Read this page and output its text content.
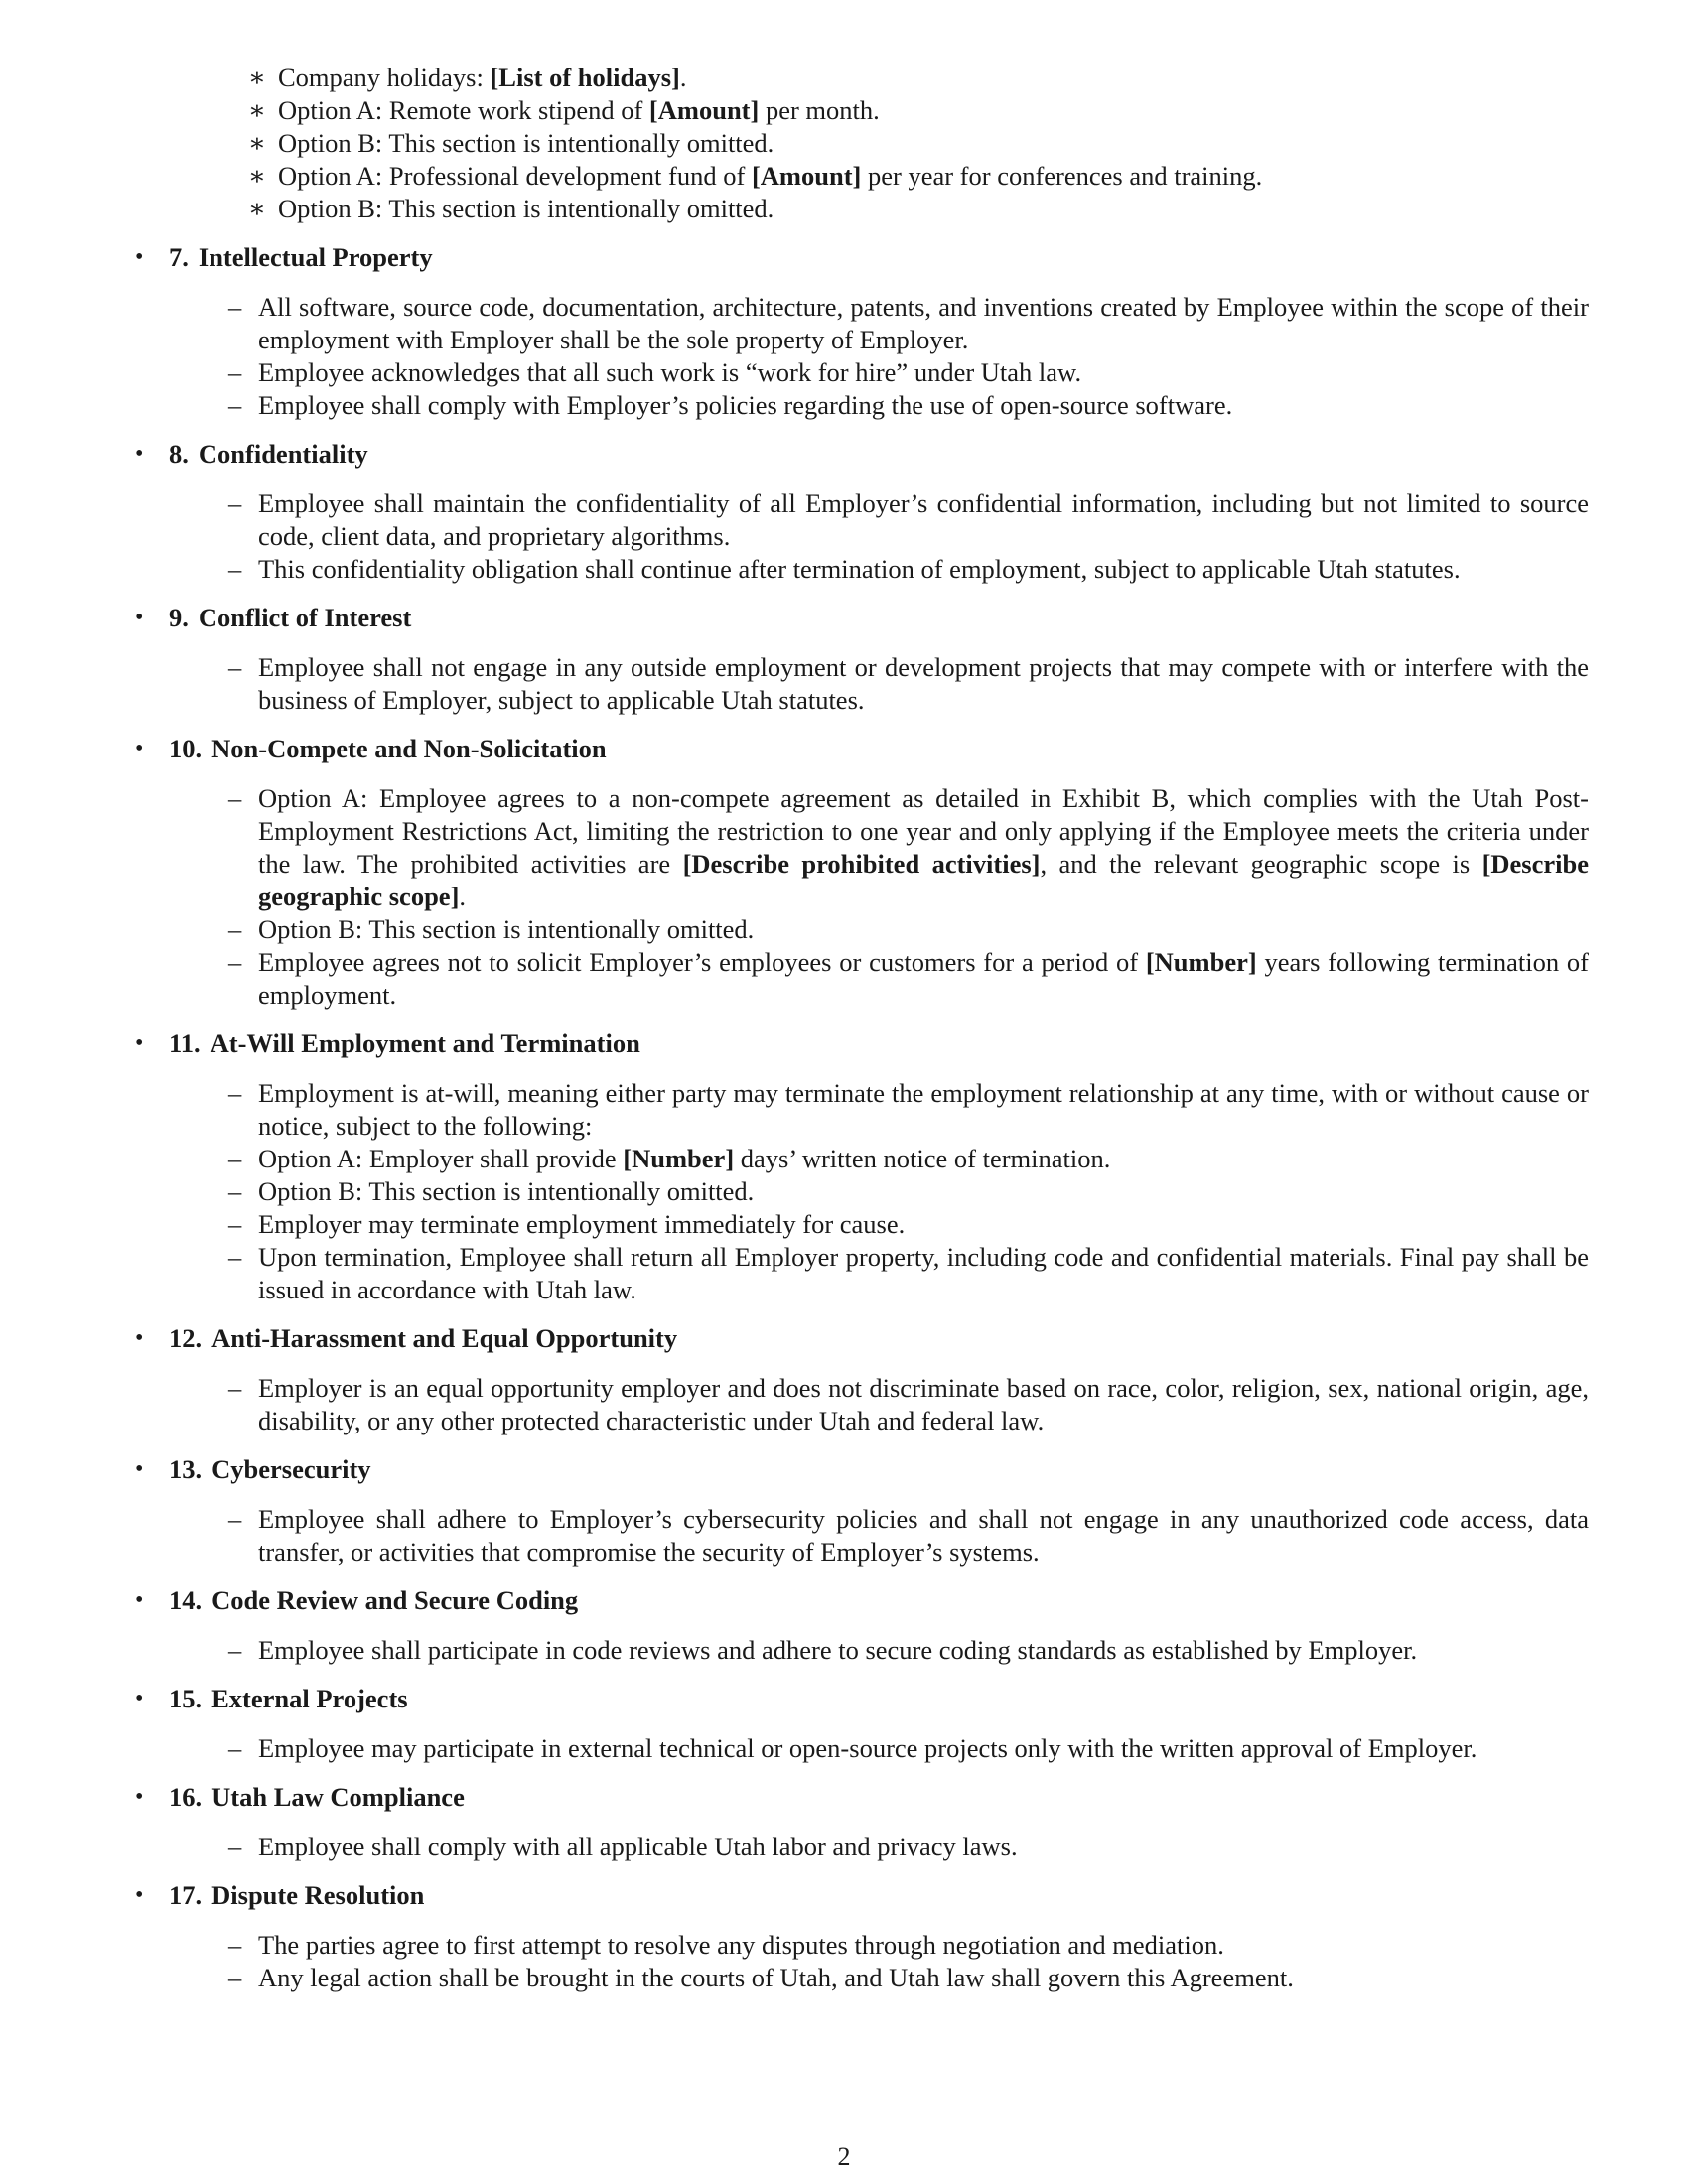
∗ Company holidays: [List of holidays].
∗ Option A: Remote work stipend of [Amount] per month.
∗ Option B: This section is intentionally omitted.
∗ Option A: Professional development fund of [Amount] per year for conferences and training.
∗ Option B: This section is intentionally omitted.
• 7. Intellectual Property
– All software, source code, documentation, architecture, patents, and inventions created by Employee within the scope of their employment with Employer shall be the sole property of Employer.
– Employee acknowledges that all such work is “work for hire” under Utah law.
– Employee shall comply with Employer’s policies regarding the use of open-source software.
• 8. Confidentiality
– Employee shall maintain the confidentiality of all Employer’s confidential information, including but not limited to source code, client data, and proprietary algorithms.
– This confidentiality obligation shall continue after termination of employment, subject to applicable Utah statutes.
• 9. Conflict of Interest
– Employee shall not engage in any outside employment or development projects that may compete with or interfere with the business of Employer, subject to applicable Utah statutes.
• 10. Non-Compete and Non-Solicitation
– Option A: Employee agrees to a non-compete agreement as detailed in Exhibit B, which complies with the Utah Post-Employment Restrictions Act, limiting the restriction to one year and only applying if the Employee meets the criteria under the law. The prohibited activities are [Describe prohibited activities], and the relevant geographic scope is [Describe geographic scope].
– Option B: This section is intentionally omitted.
– Employee agrees not to solicit Employer’s employees or customers for a period of [Number] years following termination of employment.
• 11. At-Will Employment and Termination
– Employment is at-will, meaning either party may terminate the employment relationship at any time, with or without cause or notice, subject to the following:
– Option A: Employer shall provide [Number] days’ written notice of termination.
– Option B: This section is intentionally omitted.
– Employer may terminate employment immediately for cause.
– Upon termination, Employee shall return all Employer property, including code and confidential materials. Final pay shall be issued in accordance with Utah law.
• 12. Anti-Harassment and Equal Opportunity
– Employer is an equal opportunity employer and does not discriminate based on race, color, religion, sex, national origin, age, disability, or any other protected characteristic under Utah and federal law.
• 13. Cybersecurity
– Employee shall adhere to Employer’s cybersecurity policies and shall not engage in any unauthorized code access, data transfer, or activities that compromise the security of Employer’s systems.
• 14. Code Review and Secure Coding
– Employee shall participate in code reviews and adhere to secure coding standards as established by Employer.
• 15. External Projects
– Employee may participate in external technical or open-source projects only with the written approval of Employer.
• 16. Utah Law Compliance
– Employee shall comply with all applicable Utah labor and privacy laws.
• 17. Dispute Resolution
– The parties agree to first attempt to resolve any disputes through negotiation and mediation.
– Any legal action shall be brought in the courts of Utah, and Utah law shall govern this Agreement.
2
